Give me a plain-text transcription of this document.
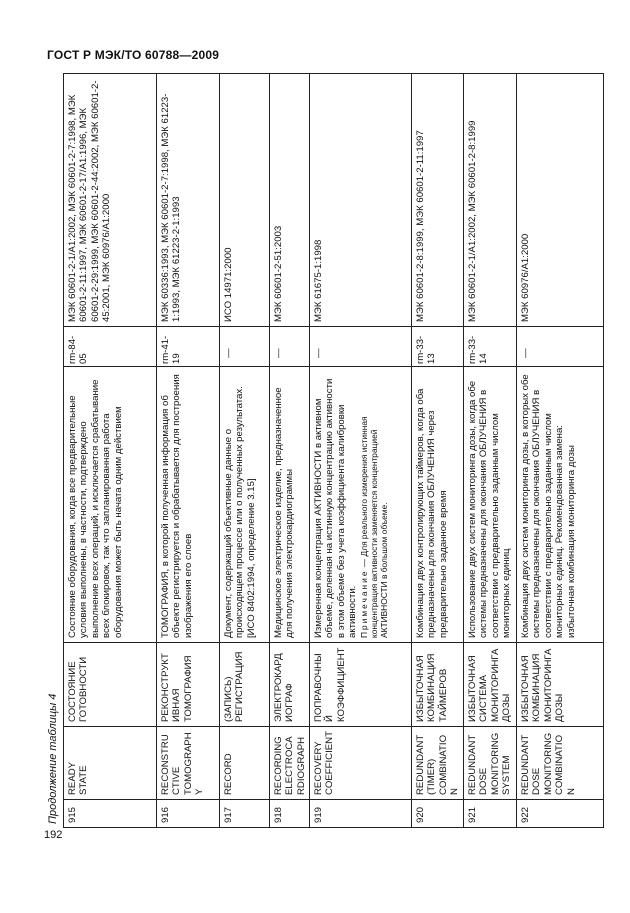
ГОСТ Р МЭК/ТО 60788—2009
Продолжение таблицы 4 915
READY STATE
СОСТОЯНИЕ ГОТОВНОСТИ
Состояние оборудования, когда все предварительные условия выполнены, в частности, подтверждено выполнение всех операций, и исключается срабатывание всех блокировок, так что запланированная работа оборудования может быть начата одним действием
rm-84-05
МЭК 60601-2-1/А1:2002, МЭК 60601-2-7:1998, МЭК 60601-2-11:1997, МЭК 60601-2-17/А1:1996, МЭК 60601-2-29:1999, МЭК 60601-2-44:2002, МЭК 60601-2-45:2001, МЭК 60976/А1:2000
916
RECONSTRUCTIVE TOMOGRAPHY
РЕКОНСТРУКТИВНАЯ ТОМОГРАФИЯ
ТОМОГРАФИЯ, в которой полученная информация об объекте регистрируется и обрабатывается для построения изображения его слоев
rm-41-19
МЭК 60336:1993, МЭК 60601-2-7:1998, МЭК 61223-1:1993, МЭК 61223-2-1:1993
917
RECORD
(ЗАПИСЬ) РЕГИСТРАЦИЯ
Документ, содержащий объективные данные о происходящем процессе или о полученных результатах. [ИСО 8402:1994, определение 3.15]
—
ИСО 14971:2000
918
RECORDING ELECTROCARDIOGRAPH
ЭЛЕКТРОКАРДИОГРАФ
Медицинское электрическое изделие, предназначенное для получения электрокардиограммы
—
МЭК 60601-2-51:2003
919
RECOVERY COEFFICIENT
ПОПРАВОЧНЫЙ КОЭФФИЦИЕНТ
Измеренная концентрация АКТИВНОСТИ в активном объеме, деленная на истинную концентрацию активности в этом объеме без учета коэффициента калибровки активности. Примечание — Для реального измерения истинная концентрация активности заменяется концентрацией АКТИВНОСТИ в большом объеме.
—
МЭК 61675-1:1998
920
REDUNDANT (TIMER) COMBINATION
ИЗБЫТОЧНАЯ КОМБИНАЦИЯ ТАЙМЕРОВ
Комбинация двух контролирующих таймеров, когда оба предназначены для окончания ОБЛУЧЕНИЯ через предварительно заданное время
rm-33-13
МЭК 60601-2-8:1999, МЭК 60601-2-11:1997
921
REDUNDANT DOSE MONITORING SYSTEM
ИЗБЫТОЧНАЯ СИСТЕМА МОНИТОРИНГА ДОЗЫ
Использование двух систем мониторинга дозы, когда обе системы предназначены для окончания ОБЛУЧЕНИЯ в соответствии с предварительно заданным числом мониторных единиц
rm-33-14
МЭК 60601-2-1/А1:2002, МЭК 60601-2-8:1999
922
REDUNDANT DOSE MONITORING COMBINATION
ИЗБЫТОЧНАЯ КОМБИНАЦИЯ МОНИТОРИНГА ДОЗЫ
Комбинация двух систем мониторинга дозы, в которых обе системы предназначены для окончания ОБЛУЧЕНИЯ в соответствии с предварительно заданным числом мониторных единиц. Рекомендованная замена: избыточная комбинация мониторинга дозы
—
МЭК 60976/А1:2000
192
